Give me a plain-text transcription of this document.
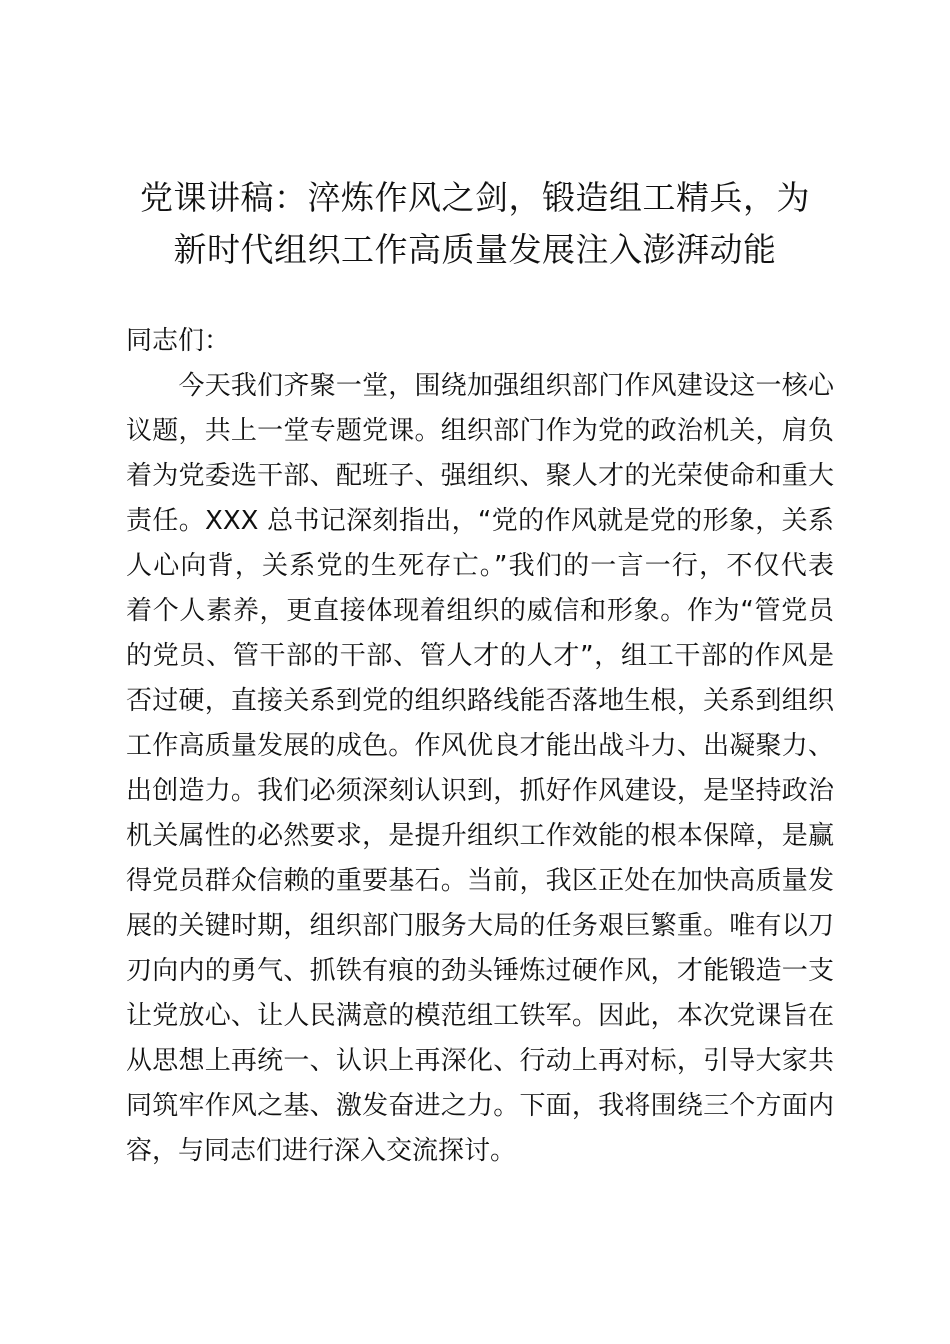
党课讲稿：淬炼作风之剑，锻造组工精兵，为
新时代组织工作高质量发展注入澎湃动能
同志们：
　　今天我们齐聚一堂，围绕加强组织部门作风建设这一核心
议题，共上一堂专题党课。组织部门作为党的政治机关，肩负
着为党委选干部、配班子、强组织、聚人才的光荣使命和重大
责任。XXX 总书记深刻指出，“党的作风就是党的形象，关系
人心向背，关系党的生死存亡。”我们的一言一行，不仅代表
着个人素养，更直接体现着组织的威信和形象。作为“管党员
的党员、管干部的干部、管人才的人才”，组工干部的作风是
否过硬，直接关系到党的组织路线能否落地生根，关系到组织
工作高质量发展的成色。作风优良才能出战斗力、出凝聚力、
出创造力。我们必须深刻认识到，抓好作风建设，是坚持政治
机关属性的必然要求，是提升组织工作效能的根本保障，是赢
得党员群众信赖的重要基石。当前，我区正处在加快高质量发
展的关键时期，组织部门服务大局的任务艰巨繁重。唯有以刀
刃向内的勇气、抓铁有痕的劲头锤炼过硬作风，才能锻造一支
让党放心、让人民满意的模范组工铁军。因此，本次党课旨在
从思想上再统一、认识上再深化、行动上再对标，引导大家共
同筑牢作风之基、激发奋进之力。下面，我将围绕三个方面内
容，与同志们进行深入交流探讨。
